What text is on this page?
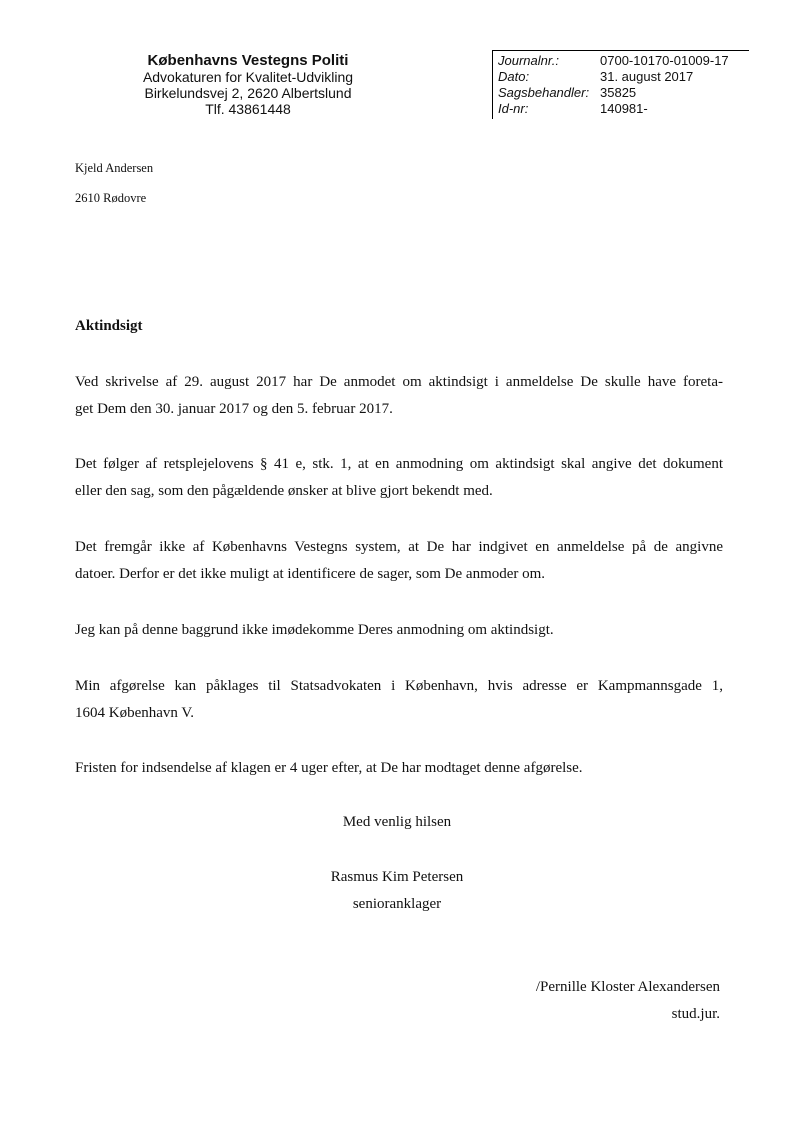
Københavns Vestegns Politi
Advokaturen for Kvalitet-Udvikling
Birkelundsvej 2, 2620 Albertslund
Tlf. 43861448
Journalnr.:	0700-10170-01009-17
Dato:	31. august 2017
Sagsbehandler: 35825
Id-nr:	140981-
Kjeld Andersen
2610 Rødovre
Aktindsigt
Ved skrivelse af 29. august 2017 har De anmodet om aktindsigt i anmeldelse De skulle have foreta-
get Dem den 30. januar 2017 og den 5. februar 2017.
Det følger af retsplejelovens § 41 e, stk. 1, at en anmodning om aktindsigt skal angive det dokument
eller den sag, som den pågældende ønsker at blive gjort bekendt med.
Det fremgår ikke af Københavns Vestegns system, at De har indgivet en anmeldelse på de angivne
datoer. Derfor er det ikke muligt at identificere de sager, som De anmoder om.
Jeg kan på denne baggrund ikke imødekomme Deres anmodning om aktindsigt.
Min afgørelse kan påklages til Statsadvokaten i København, hvis adresse er Kampmannsgade 1,
1604 København V.
Fristen for indsendelse af klagen er 4 uger efter, at De har modtaget denne afgørelse.
Med venlig hilsen
Rasmus Kim Petersen
senioranklager
/Pernille Kloster Alexandersen
stud.jur.
